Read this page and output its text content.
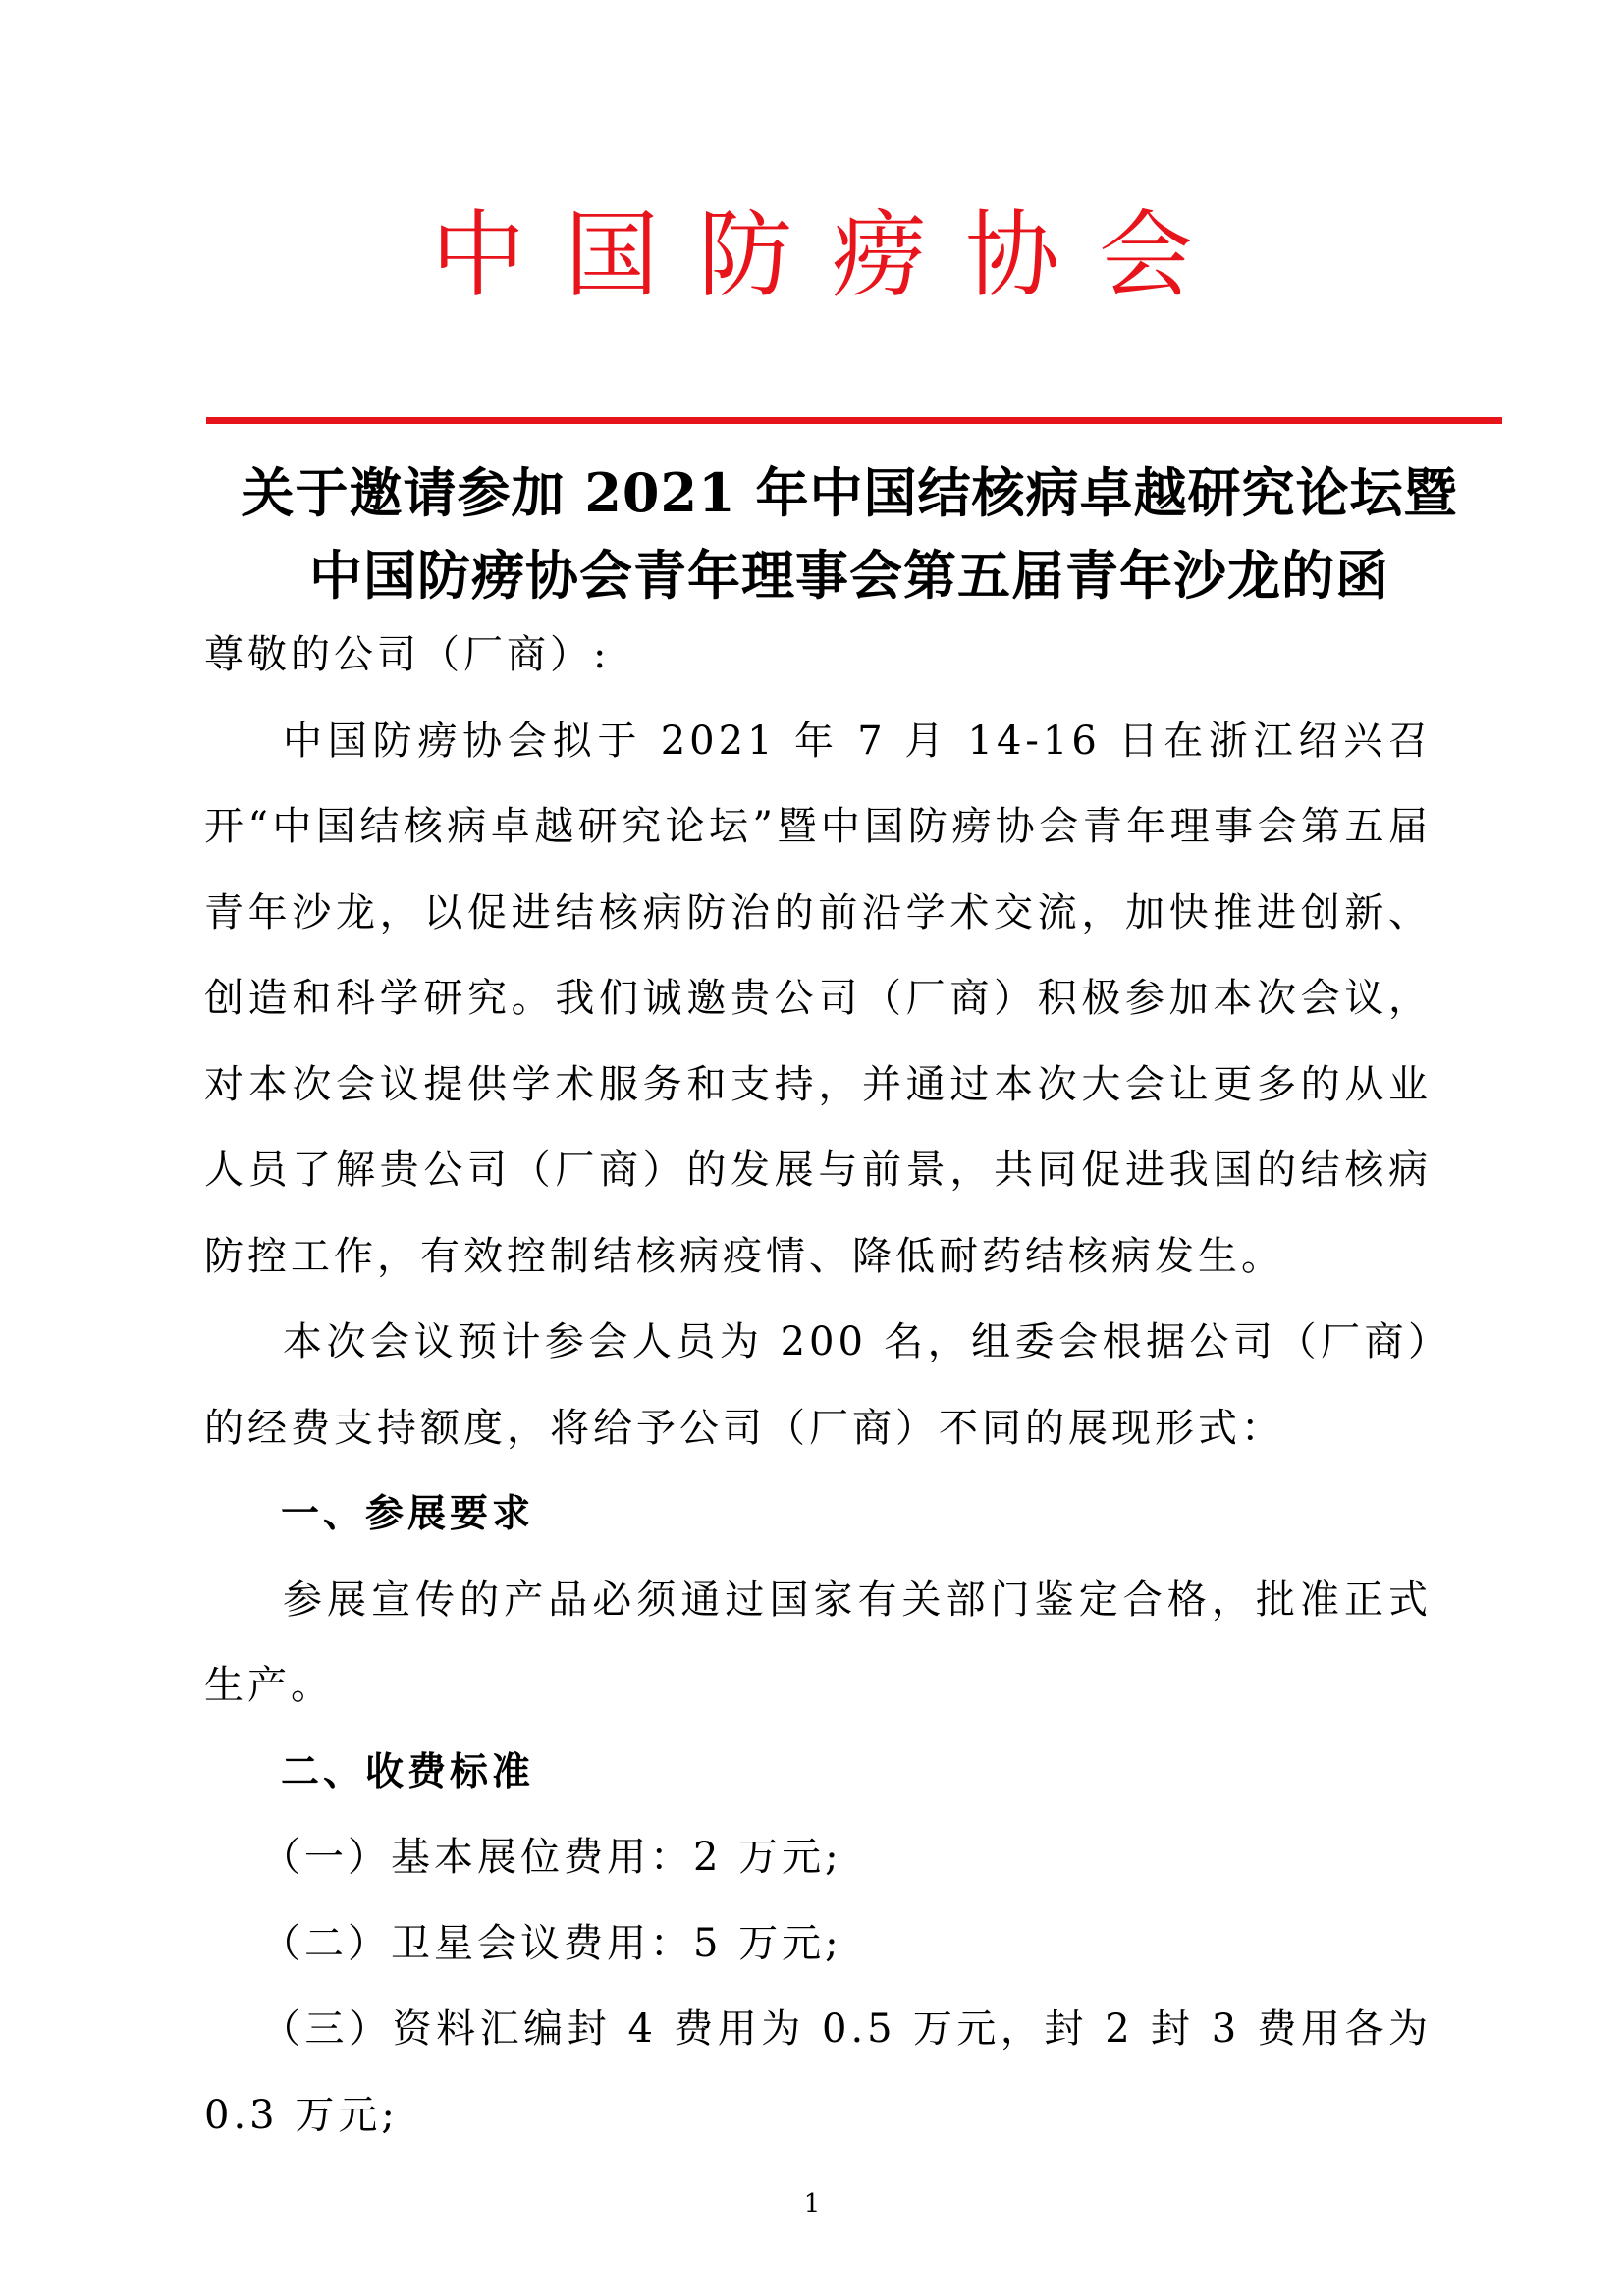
中国防痨协会
关于邀请参加 2021 年中国结核病卓越研究论坛暨
中国防痨协会青年理事会第五届青年沙龙的函

尊敬的公司（厂商）:

中国防痨协会拟于 2021 年 7 月 14-16 日在浙江绍兴召开“中国结核病卓越研究论坛”暨中国防痨协会青年理事会第五届青年沙龙，以促进结核病防治的前沿学术交流，加快推进创新、创造和科学研究。我们诚邀贵公司（厂商）积极参加本次会议，对本次会议提供学术服务和支持，并通过本次大会让更多的从业人员了解贵公司（厂商）的发展与前景，共同促进我国的结核病防控工作，有效控制结核病疫情、降低耐药结核病发生。

本次会议预计参会人员为 200 名，组委会根据公司（厂商）的经费支持额度，将给予公司（厂商）不同的展现形式：

一、参展要求

参展宣传的产品必须通过国家有关部门鉴定合格，批准正式生产。

二、收费标准

（一）基本展位费用：2 万元;

（二）卫星会议费用：5 万元;

（三）资料汇编封 4 费用为 0.5 万元，封 2 封 3 费用各为 0.3 万元;

1
